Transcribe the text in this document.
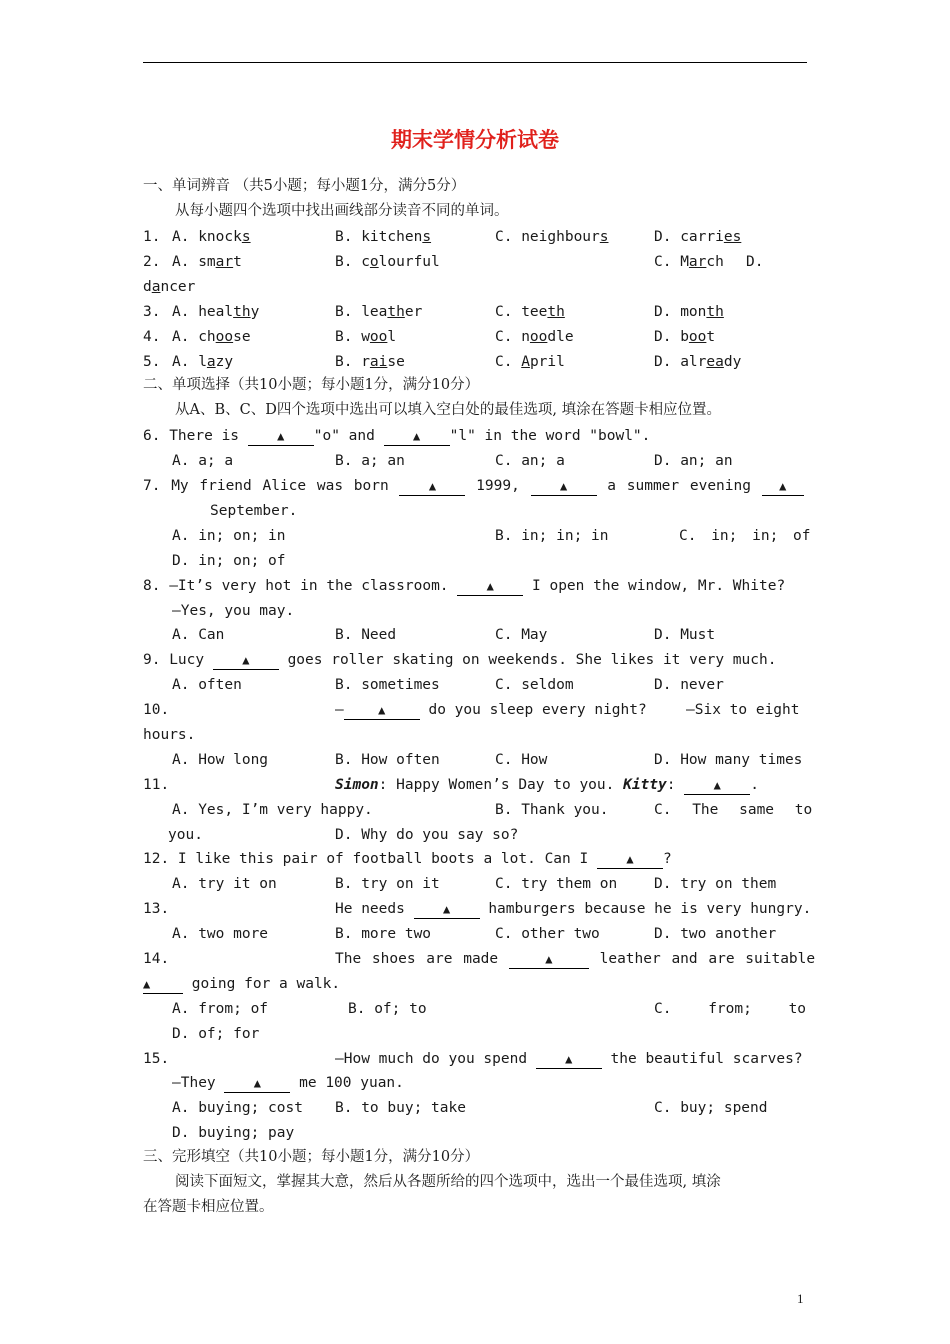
期末学情分析试卷
一、单词辨音 （共5小题；每小题1分，满分5分）
从每小题四个选项中找出画线部分读音不同的单词。
1. A. knocks	B. kitchens	C. neighbours	D. carries
2. A. smart	B. colourful	C. March D.
dancer
3. A. healthy	B. leather	C. teeth	D. month
4. A. choose	B. wool	C. noodle	D. boot
5. A. lazy	B. raise	C. April	D. already
二、单项选择（共10小题；每小题1分，满分10分）
从A、B、C、D四个选项中选出可以填入空白处的最佳选项, 填涂在答题卡相应位置。
6. There is ▲ "o" and ▲ "l" in the word "bowl".
A. a; a	B. a; an	C. an; a	D. an; an
7. My friend Alice was born ▲	1999, ▲	a summer evening ▲
September.
A. in; on; in	B. in; in; in	C. in; in; of
D. in; on; of
8. —It’s very hot in the classroom. ▲	I open the window, Mr. White?
—Yes, you may.
A. Can	B. Need	C. May	D. Must
9. Lucy ▲	goes roller skating on weekends. She likes it very much.
A. often	B. sometimes	C. seldom	D. never
10.	—	▲	do you sleep every night?	—Six to eight
hours.
A. How long	B. How often	C. How	D. How many times
11.	Simon: Happy Women’s Day to you. Kitty:	▲ .
A. Yes, I’m very happy.	B. Thank you.	C. The same to
you.	D. Why do you say so?
12. I like this pair of football boots a lot. Can I ▲ ?
A. try it on	B. try on it	C. try them on	D. try on them
13.	He needs ▲	hamburgers because he is very hungry.
A. two more	B. more two	C. other two	D. two another
14.	The shoes are made	▲	leather and are suitable
▲	going for a walk.
A. from; of	B. of; to	C. from; to
D. of; for
15.	—How much do you spend ▲	the beautiful scarves?
—They ▲	me 100 yuan.
A. buying; cost B. to buy; take	C. buy; spend
D. buying; pay
三、完形填空（共10小题；每小题1分，满分10分）
阅读下面短文，掌握其大意，然后从各题所给的四个选项中，选出一个最佳选项, 填涂
在答题卡相应位置。
1
